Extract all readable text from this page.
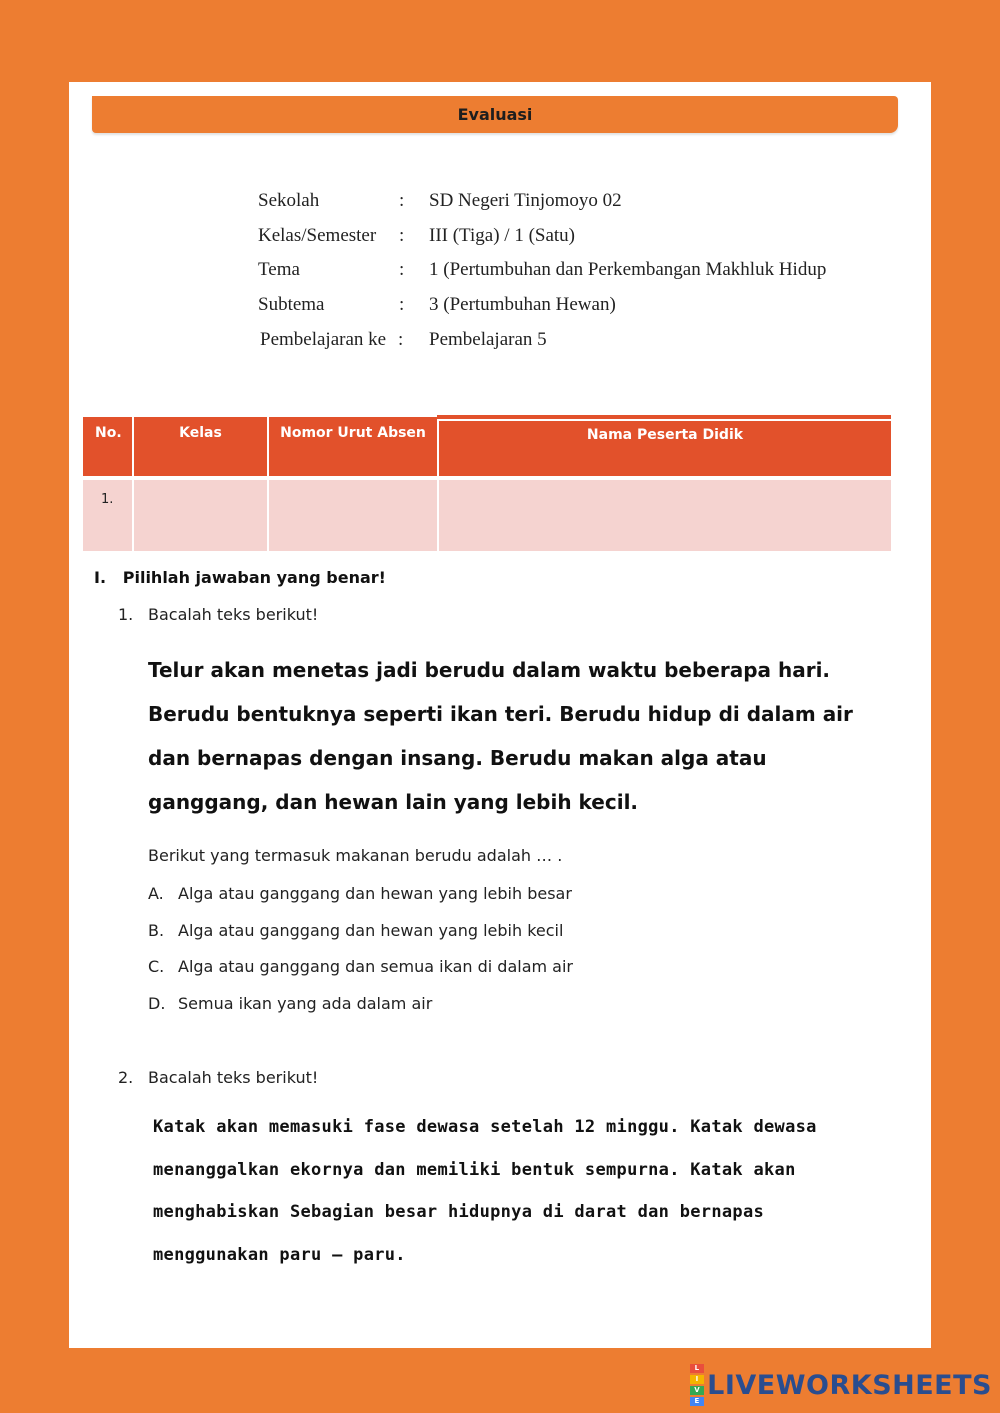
Evaluasi
Sekolah	: SD Negeri Tinjomoyo 02
Kelas/Semester : III (Tiga) / 1 (Satu)
Tema	: 1 (Pertumbuhan dan Perkembangan Makhluk Hidup
Subtema	: 3 (Pertumbuhan Hewan)
Pembelajaran ke : Pembelajaran 5
No.	Kelas	Nomor Urut Absen	Nama Peserta Didik
1.			
I.   Pilihlah jawaban yang benar!
1. Bacalah teks berikut!
Telur akan menetas jadi berudu dalam waktu beberapa hari. Berudu bentuknya seperti ikan teri. Berudu hidup di dalam air dan bernapas dengan insang. Berudu makan alga atau ganggang, dan hewan lain yang lebih kecil.
Berikut yang termasuk makanan berudu adalah … .
A. Alga atau ganggang dan hewan yang lebih besar
B. Alga atau ganggang dan hewan yang lebih kecil
C. Alga atau ganggang dan semua ikan di dalam air
D. Semua ikan yang ada dalam air
2. Bacalah teks berikut!
Katak akan memasuki fase dewasa setelah 12 minggu. Katak dewasa menanggalkan ekornya dan memiliki bentuk sempurna. Katak akan menghabiskan Sebagian besar hidupnya di darat dan bernapas menggunakan paru – paru.
L
I
V
E
LIVEWORKSHEETS
